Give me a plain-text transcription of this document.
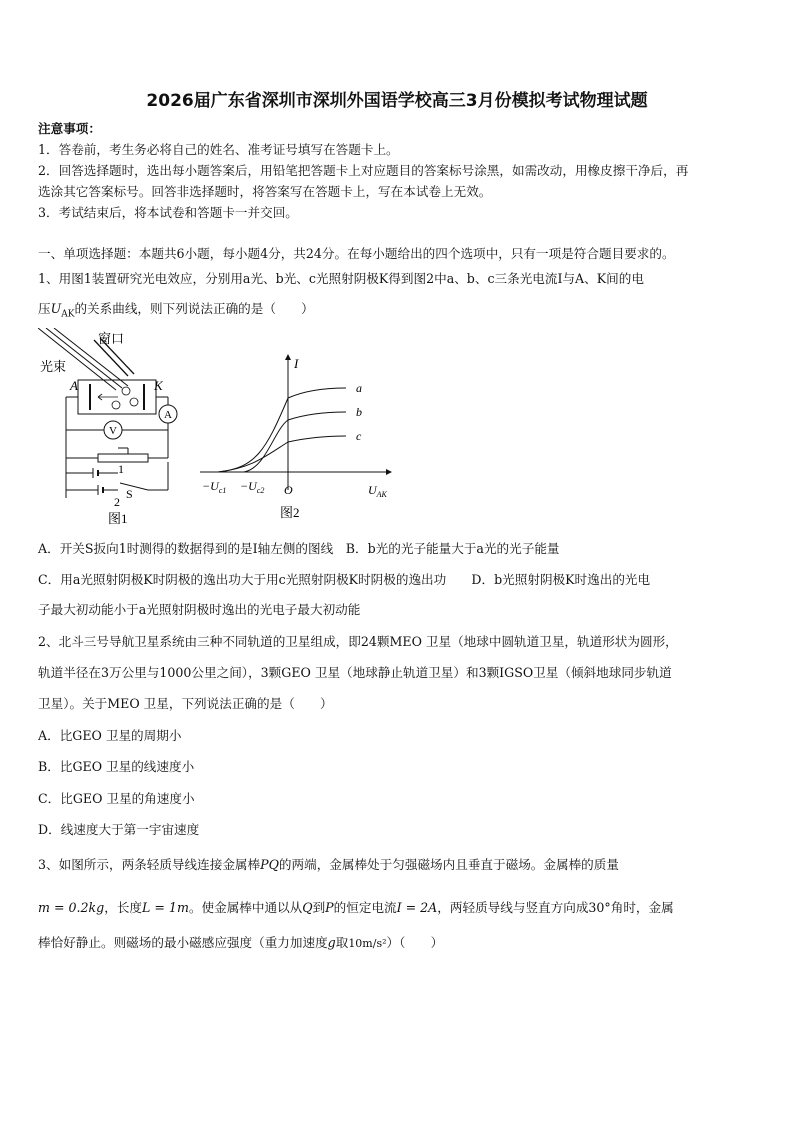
2026届广东省深圳市深圳外国语学校高三3月份模拟考试物理试题
注意事项：
1．答卷前，考生务必将自己的姓名、准考证号填写在答题卡上。
2．回答选择题时，选出每小题答案后，用铅笔把答题卡上对应题目的答案标号涂黑，如需改动，用橡皮擦干净后，再
选涂其它答案标号。回答非选择题时，将答案写在答题卡上，写在本试卷上无效。
3．考试结束后，将本试卷和答题卡一并交回。
一、单项选择题：本题共6小题，每小题4分，共24分。在每小题给出的四个选项中，只有一项是符合题目要求的。
1、用图1装置研究光电效应，分别用a光、b光、c光照射阴极K得到图2中a、b、c三条光电流I与A、K间的电
压$U_{AK}$的关系曲线，则下列说法正确的是（　　）
窗口
光束
A	K
A
V
1
2
S
图1
I
$U_{AK}$
O
$-U_{c1} -U_{c2}$
a
b
c
图2
A．开关S扳向1时测得的数据得到的是I轴左侧的图线　B．b光的光子能量大于a光的光子能量
C．用a光照射阴极K时阴极的逸出功大于用c光照射阴极K时阴极的逸出功　　D．b光照射阴极K时逸出的光电
子最大初动能小于a光照射阴极时逸出的光电子最大初动能
2、北斗三号导航卫星系统由三种不同轨道的卫星组成，即24颗MEO 卫星（地球中圆轨道卫星，轨道形状为圆形，
轨道半径在3万公里与1000公里之间），3颗GEO 卫星（地球静止轨道卫星）和3颗IGSO卫星（倾斜地球同步轨道
卫星）。关于MEO 卫星，下列说法正确的是（　　）
A．比GEO 卫星的周期小
B．比GEO 卫星的线速度小
C．比GEO 卫星的角速度小
D．线速度大于第一宇宙速度
3、如图所示，两条轻质导线连接金属棒PQ的两端，金属棒处于匀强磁场内且垂直于磁场。金属棒的质量
m = 0.2kg，长度L = 1m。使金属棒中通以从Q到P的恒定电流I = 2A，两轻质导线与竖直方向成30°角时，金属
棒恰好静止。则磁场的最小磁感应强度（重力加速度g取10m/s²）（　　）
